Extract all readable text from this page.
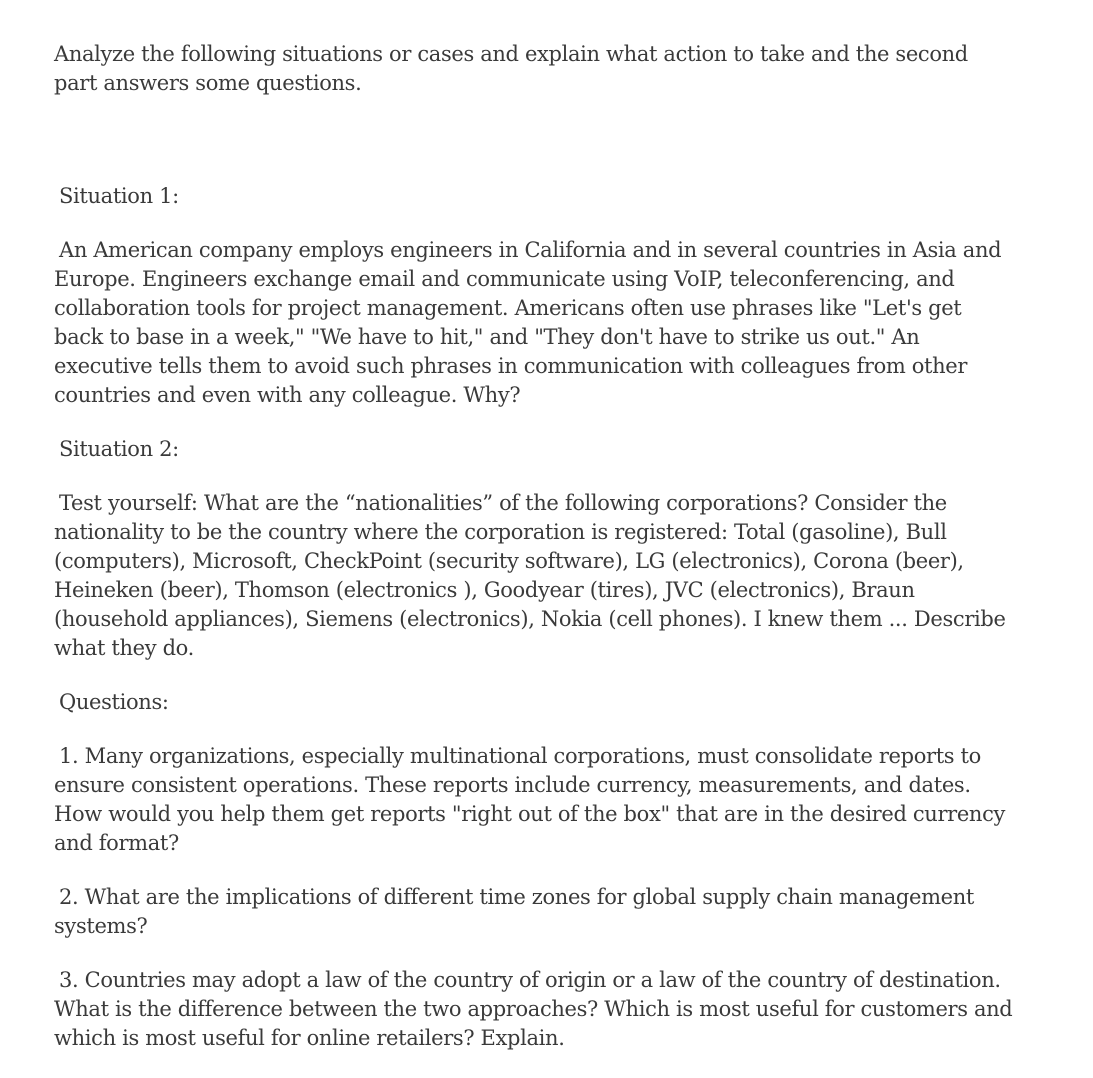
Analyze the following situations or cases and explain what action to take and the second part answers some questions.

Situation 1:

An American company employs engineers in California and in several countries in Asia and Europe. Engineers exchange email and communicate using VoIP, teleconferencing, and collaboration tools for project management. Americans often use phrases like "Let's get back to base in a week," "We have to hit," and "They don't have to strike us out." An executive tells them to avoid such phrases in communication with colleagues from other countries and even with any colleague. Why?

Situation 2:

Test yourself: What are the “nationalities” of the following corporations? Consider the nationality to be the country where the corporation is registered: Total (gasoline), Bull (computers), Microsoft, CheckPoint (security software), LG (electronics), Corona (beer), Heineken (beer), Thomson (electronics ), Goodyear (tires), JVC (electronics), Braun (household appliances), Siemens (electronics), Nokia (cell phones). I knew them ... Describe what they do.

Questions:

1. Many organizations, especially multinational corporations, must consolidate reports to ensure consistent operations. These reports include currency, measurements, and dates. How would you help them get reports "right out of the box" that are in the desired currency and format?

2. What are the implications of different time zones for global supply chain management systems?

3. Countries may adopt a law of the country of origin or a law of the country of destination. What is the difference between the two approaches? Which is most useful for customers and which is most useful for online retailers? Explain.
